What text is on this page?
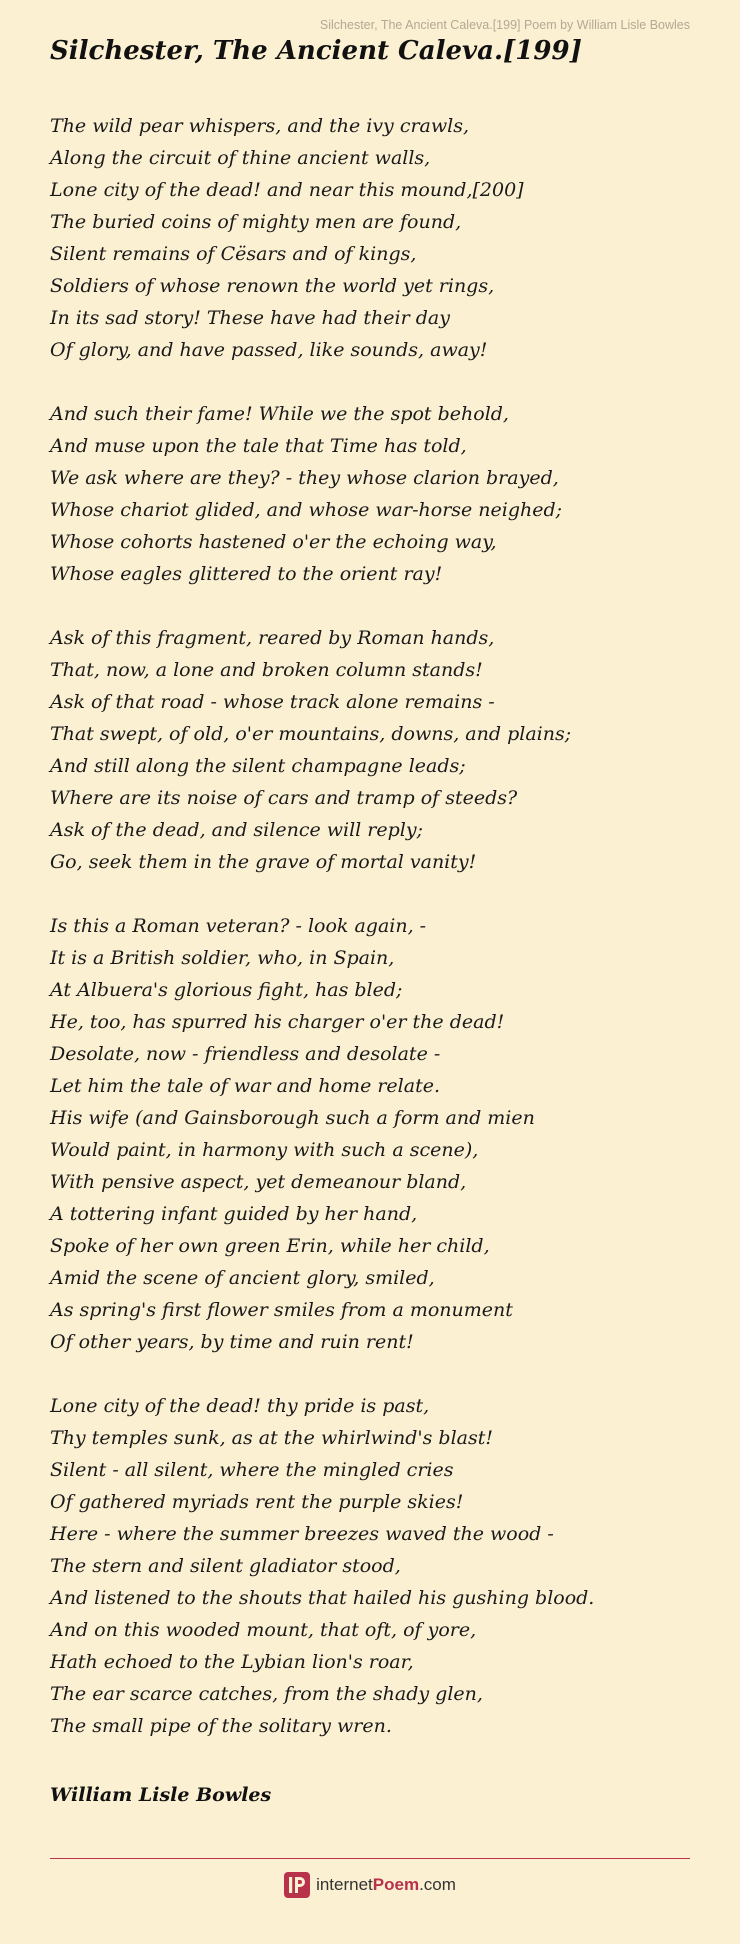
Silchester, The Ancient Caleva.[199] Poem by William Lisle Bowles
Silchester, The Ancient Caleva.[199]
The wild pear whispers, and the ivy crawls,
Along the circuit of thine ancient walls,
Lone city of the dead! and near this mound,[200]
The buried coins of mighty men are found,
Silent remains of Cësars and of kings,
Soldiers of whose renown the world yet rings,
In its sad story! These have had their day
Of glory, and have passed, like sounds, away!
And such their fame! While we the spot behold,
And muse upon the tale that Time has told,
We ask where are they? - they whose clarion brayed,
Whose chariot glided, and whose war-horse neighed;
Whose cohorts hastened o'er the echoing way,
Whose eagles glittered to the orient ray!
Ask of this fragment, reared by Roman hands,
That, now, a lone and broken column stands!
Ask of that road - whose track alone remains -
That swept, of old, o'er mountains, downs, and plains;
And still along the silent champagne leads;
Where are its noise of cars and tramp of steeds?
Ask of the dead, and silence will reply;
Go, seek them in the grave of mortal vanity!
Is this a Roman veteran? - look again, -
It is a British soldier, who, in Spain,
At Albuera's glorious fight, has bled;
He, too, has spurred his charger o'er the dead!
Desolate, now - friendless and desolate -
Let him the tale of war and home relate.
His wife (and Gainsborough such a form and mien
Would paint, in harmony with such a scene),
With pensive aspect, yet demeanour bland,
A tottering infant guided by her hand,
Spoke of her own green Erin, while her child,
Amid the scene of ancient glory, smiled,
As spring's first flower smiles from a monument
Of other years, by time and ruin rent!
Lone city of the dead! thy pride is past,
Thy temples sunk, as at the whirlwind's blast!
Silent - all silent, where the mingled cries
Of gathered myriads rent the purple skies!
Here - where the summer breezes waved the wood -
The stern and silent gladiator stood,
And listened to the shouts that hailed his gushing blood.
And on this wooded mount, that oft, of yore,
Hath echoed to the Lybian lion's roar,
The ear scarce catches, from the shady glen,
The small pipe of the solitary wren.
William Lisle Bowles
internetPoem.com
